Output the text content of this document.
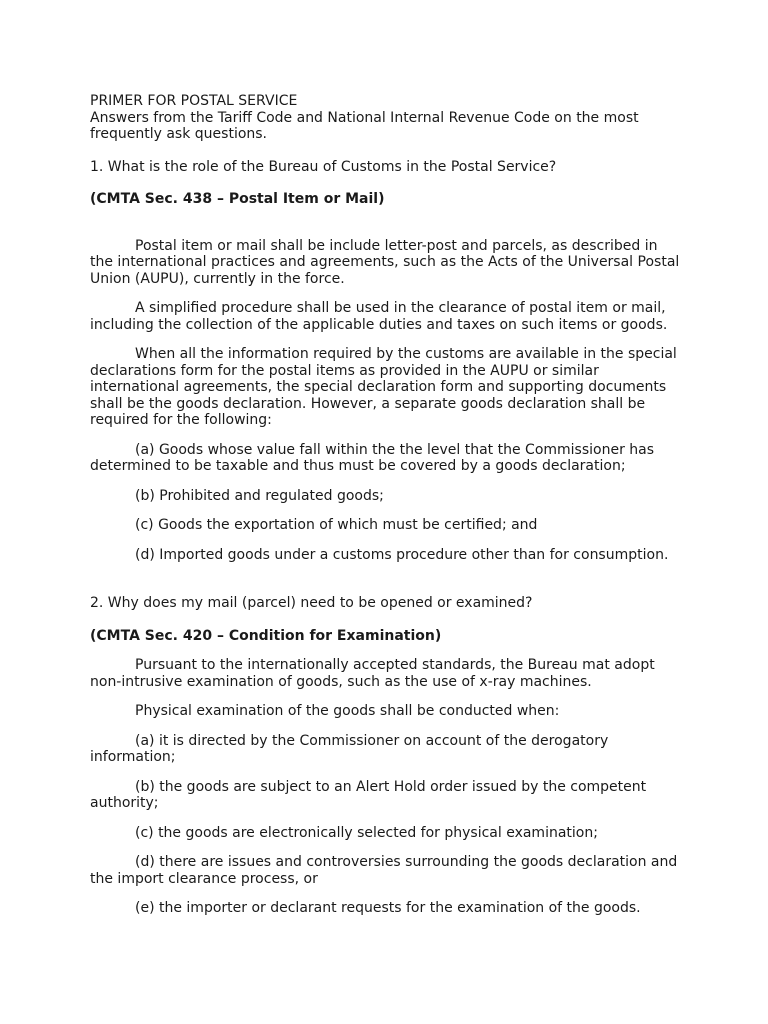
PRIMER FOR POSTAL SERVICE

Answers from the Tariff Code and National Internal Revenue Code on the most frequently ask questions.

1. What is the role of the Bureau of Customs in the Postal Service?

(CMTA Sec. 438 – Postal Item or Mail)

Postal item or mail shall be include letter-post and parcels, as described in the international practices and agreements, such as the Acts of the Universal Postal Union (AUPU), currently in the force.

A simplified procedure shall be used in the clearance of postal item or mail, including the collection of the applicable duties and taxes on such items or goods.

When all the information required by the customs are available in the special declarations form for the postal items as provided in the AUPU or similar international agreements, the special declaration form and supporting documents shall be the goods declaration. However, a separate goods declaration shall be required for the following:

(a) Goods whose value fall within the the level that the Commissioner has determined to be taxable and thus must be covered by a goods declaration;

(b) Prohibited and regulated goods;

(c) Goods the exportation of which must be certified; and

(d) Imported goods under a customs procedure other than for consumption.

2. Why does my mail (parcel) need to be opened or examined?

(CMTA Sec. 420 – Condition for Examination)

Pursuant to the internationally accepted standards, the Bureau mat adopt non-intrusive examination of goods, such as the use of x-ray machines.

Physical examination of the goods shall be conducted when:

(a) it is directed by the Commissioner on account of the derogatory information;

(b) the goods are subject to an Alert Hold order issued by the competent authority;

(c) the goods are electronically selected for physical examination;

(d) there are issues and controversies surrounding the goods declaration and the import clearance process, or

(e) the importer or declarant requests for the examination of the goods.
